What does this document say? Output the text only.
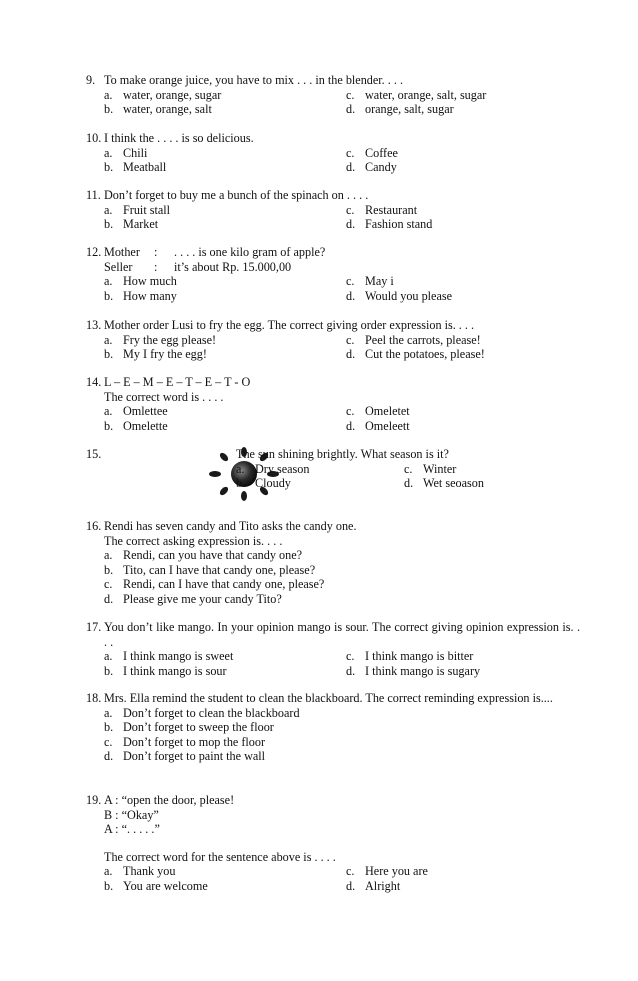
9. To make orange juice, you have to mix . . . in the blender. . . .
a. water, orange, sugar	c. water, orange, salt, sugar
b. water, orange, salt	d. orange, salt, sugar
10. I think the . . . . is so delicious.
a. Chili	c. Coffee
b. Meatball	d. Candy
11. Don’t forget to buy me a bunch of the spinach on . . . .
a. Fruit stall	c. Restaurant
b. Market	d. Fashion stand
12. Mother : . . . . is one kilo gram of apple?
Seller : it’s about Rp. 15.000,00
a. How much	c. May i
b. How many	d. Would you please
13. Mother order Lusi to fry the egg. The correct giving order expression is. . . .
a. Fry the egg please!	c. Peel the carrots, please!
b. My I fry the egg!	d. Cut the potatoes, please!
14. L – E – M – E – T – E – T - O
The correct word is . . . .
a. Omlettee	c. Omeletet
b. Omelette	d. Omeleett
15.	The sun shining brightly. What season is it?
a. Dry season	c. Winter
b. Cloudy	d. Wet seoason
16. Rendi has seven candy and Tito asks the candy one.
The correct asking expression is. . . .
a. Rendi, can you have that candy one?
b. Tito, can I have that candy one, please?
c. Rendi, can I have that candy one, please?
d. Please give me your candy Tito?
17. You don’t like mango. In your opinion mango is sour. The correct giving opinion expression is. . . .
a. I think mango is sweet	c. I think mango is bitter
b. I think mango is sour	d. I think mango is sugary
18. Mrs. Ella remind the student to clean the blackboard. The correct reminding expression is....
a. Don’t forget to clean the blackboard
b. Don’t forget to sweep the floor
c. Don’t forget to mop the floor
d. Don’t forget to paint the wall
19. A : “open the door, please!
B : “Okay”
A : “. . . . .”
The correct word for the sentence above is . . . .
a. Thank you	c. Here you are
b. You are welcome	d. Alright
